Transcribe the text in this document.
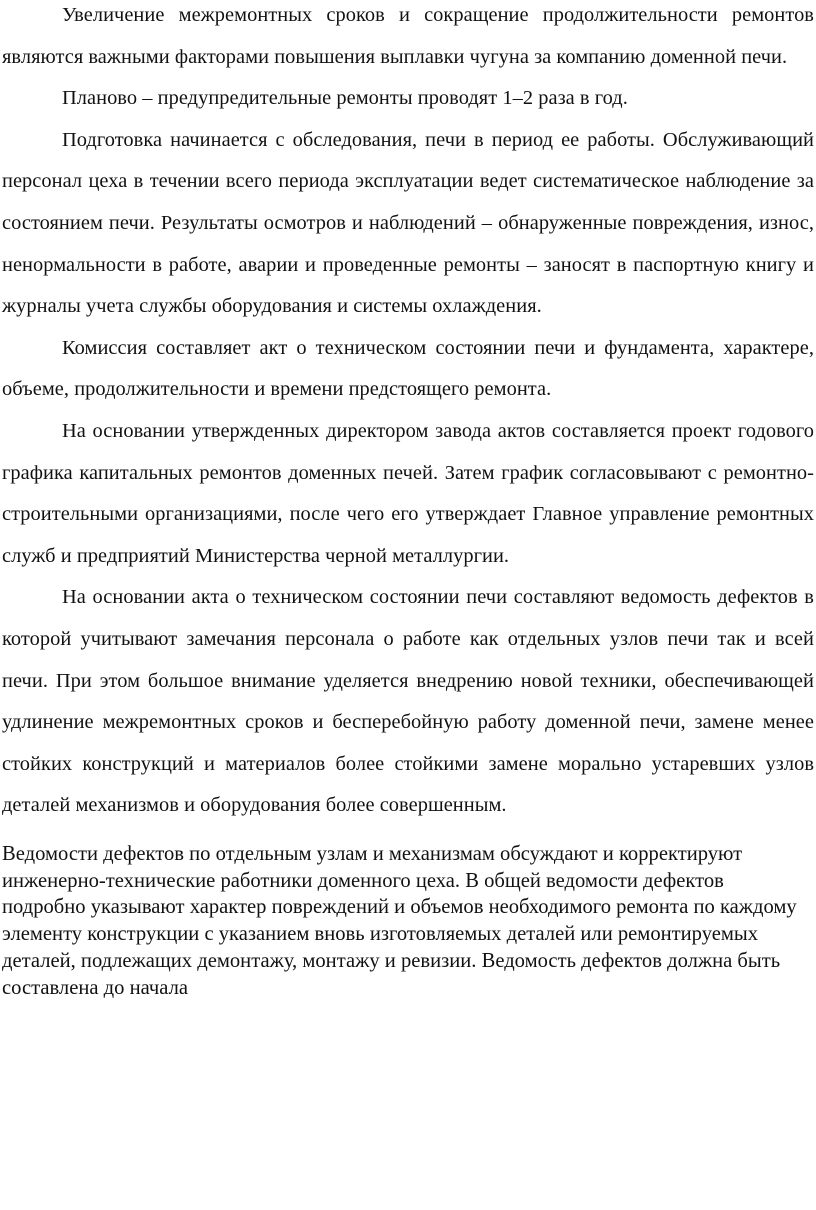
Увеличение межремонтных сроков и сокращение продолжительности ремонтов являются важными факторами повышения выплавки чугуна за компанию доменной печи.

Планово – предупредительные ремонты проводят 1–2 раза в год.

Подготовка начинается с обследования, печи в период ее работы. Обслуживающий персонал цеха в течении всего периода эксплуатации ведет систематическое наблюдение за состоянием печи. Результаты осмотров и наблюдений – обнаруженные повреждения, износ, ненормальности в работе, аварии и проведенные ремонты – заносят в паспортную книгу и журналы учета службы оборудования и системы охлаждения.

Комиссия составляет акт о техническом состоянии печи и фундамента, характере, объеме, продолжительности и времени предстоящего ремонта.

На основании утвержденных директором завода актов составляется проект годового графика капитальных ремонтов доменных печей. Затем график согласовывают с ремонтно-строительными организациями, после чего его утверждает Главное управление ремонтных служб и предприятий Министерства черной металлургии.

На основании акта о техническом состоянии печи составляют ведомость дефектов в которой учитывают замечания персонала о работе как отдельных узлов печи так и всей печи. При этом большое внимание уделяется внедрению новой техники, обеспечивающей удлинение межремонтных сроков и бесперебойную работу доменной печи, замене менее стойких конструкций и материалов более стойкими замене морально устаревших узлов деталей механизмов и оборудования более совершенным.

Ведомости дефектов по отдельным узлам и механизмам обсуждают и корректируют инженерно-технические работники доменного цеха. В общей ведомости дефектов подробно указывают характер повреждений и объемов необходимого ремонта по каждому элементу конструкции с указанием вновь изготовляемых деталей или ремонтируемых деталей, подлежащих демонтажу, монтажу и ревизии. Ведомость дефектов должна быть составлена до начала
